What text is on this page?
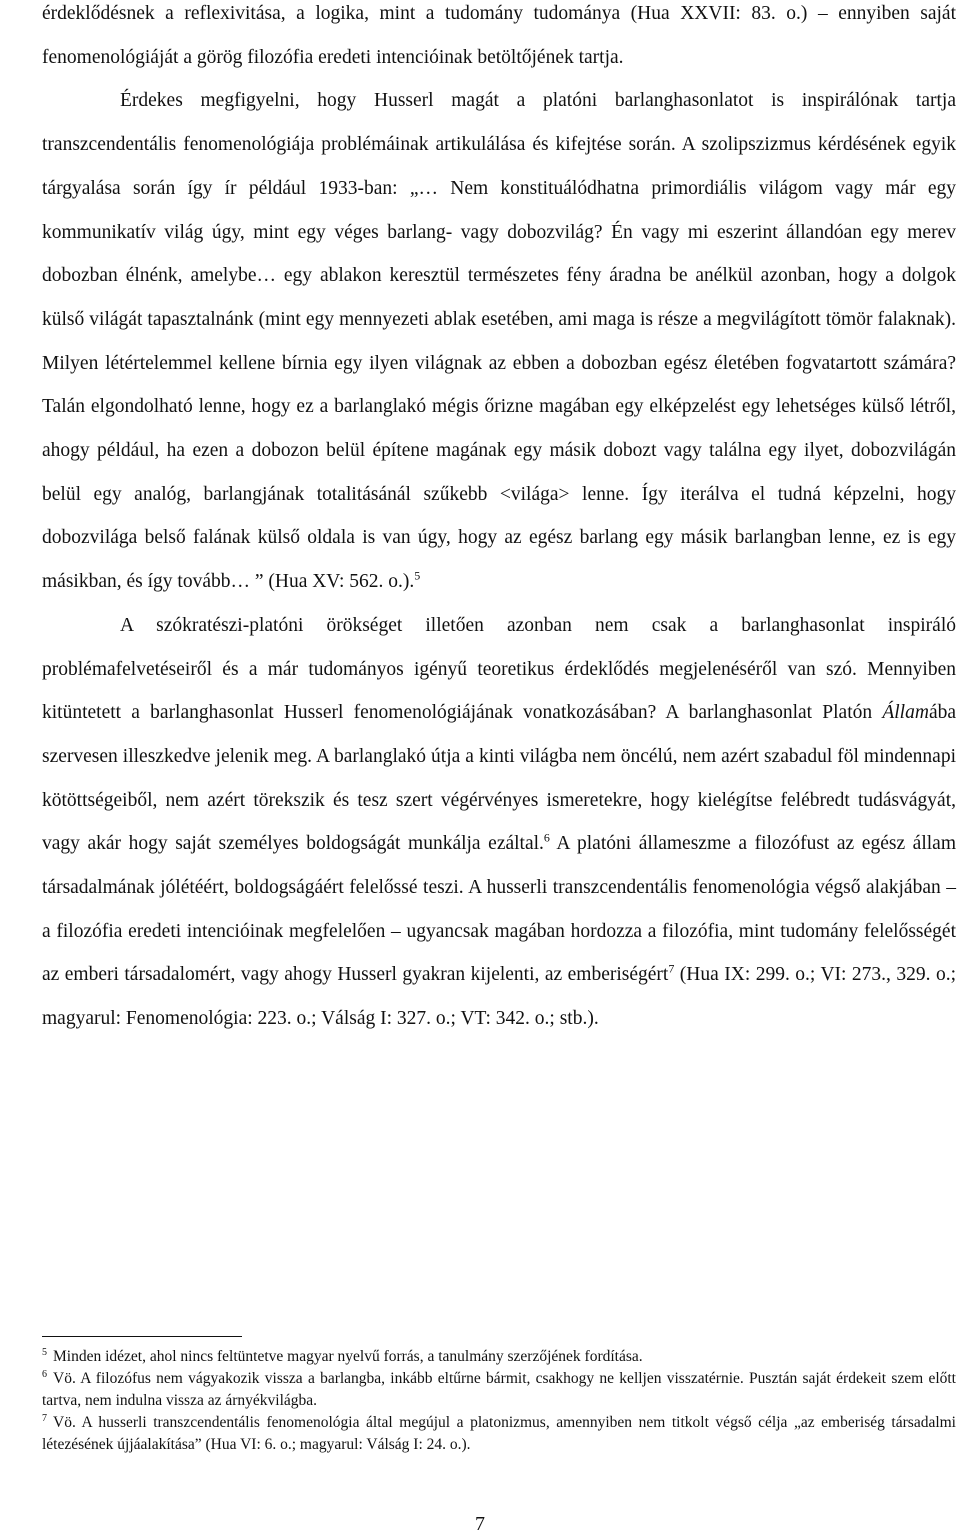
érdeklődésnek a reflexivitása, a logika, mint a tudomány tudománya (Hua XXVII: 83. o.) – ennyiben saját fenomenológiáját a görög filozófia eredeti intencióinak betöltőjének tartja.

Érdekes megfigyelni, hogy Husserl magát a platóni barlanghasonlatot is inspirálónak tartja transzcendentális fenomenológiája problémáinak artikulálása és kifejtése során. A szolipszizmus kérdésének egyik tárgyalása során így ír például 1933-ban: „… Nem konstituálódhatna primordiális világom vagy már egy kommunikatív világ úgy, mint egy véges barlang- vagy dobozvilág? Én vagy mi eszerint állandóan egy merev dobozban élnénk, amelybe… egy ablakon keresztül természetes fény áradna be anélkül azonban, hogy a dolgok külső világát tapasztalnánk (mint egy mennyezeti ablak esetében, ami maga is része a megvilágított tömör falaknak). Milyen létértelemmel kellene bírnia egy ilyen világnak az ebben a dobozban egész életében fogvatartott számára? Talán elgondolható lenne, hogy ez a barlanglakó mégis őrizne magában egy elképzelést egy lehetséges külső létről, ahogy például, ha ezen a dobozon belül építene magának egy másik dobozt vagy találna egy ilyet, dobozvilágán belül egy analóg, barlangjának totalitásánál szűkebb <világa> lenne. Így iterálva el tudná képzelni, hogy dobozvilága belső falának külső oldala is van úgy, hogy az egész barlang egy másik barlangban lenne, ez is egy másikban, és így tovább… ” (Hua XV: 562. o.).$^5$

A szókratészi-platóni örökséget illetően azonban nem csak a barlanghasonlat inspiráló problémafelvetéseiről és a már tudományos igényű teoretikus érdeklődés megjelenéséről van szó. Mennyiben kitüntetett a barlanghasonlat Husserl fenomenológiájának vonatkozásában? A barlanghasonlat Platón Államába szervesen illeszkedve jelenik meg. A barlanglakó útja a kinti világba nem öncélú, nem azért szabadul föl mindennapi kötöttségeiből, nem azért törekszik és tesz szert végérvényes ismeretekre, hogy kielégítse felébredt tudásvágyát, vagy akár hogy saját személyes boldogságát munkálja ezáltal.$^6$ A platóni állameszme a filozófust az egész állam társadalmának jólétéért, boldogságáért felelőssé teszi. A husserli transzcendentális fenomenológia végső alakjában – a filozófia eredeti intencióinak megfelelően – ugyancsak magában hordozza a filozófia, mint tudomány felelősségét az emberi társadalomért, vagy ahogy Husserl gyakran kijelenti, az emberiségért$^7$ (Hua IX: 299. o.; VI: 273., 329. o.; magyarul: Fenomenológia: 223. o.; Válság I: 327. o.; VT: 342. o.; stb.).

$^5$ Minden idézet, ahol nincs feltüntetve magyar nyelvű forrás, a tanulmány szerzőjének fordítása.

$^6$ Vö. A filozófus nem vágyakozik vissza a barlangba, inkább eltűrne bármit, csakhogy ne kelljen visszatérnie. Pusztán saját érdekeit szem előtt tartva, nem indulna vissza az árnyékvilágba.

$^7$ Vö. A husserli transzcendentális fenomenológia által megújul a platonizmus, amennyiben nem titkolt végső célja „az emberiség társadalmi létezésének újjáalakítása” (Hua VI: 6. o.; magyarul: Válság I: 24. o.).

7
